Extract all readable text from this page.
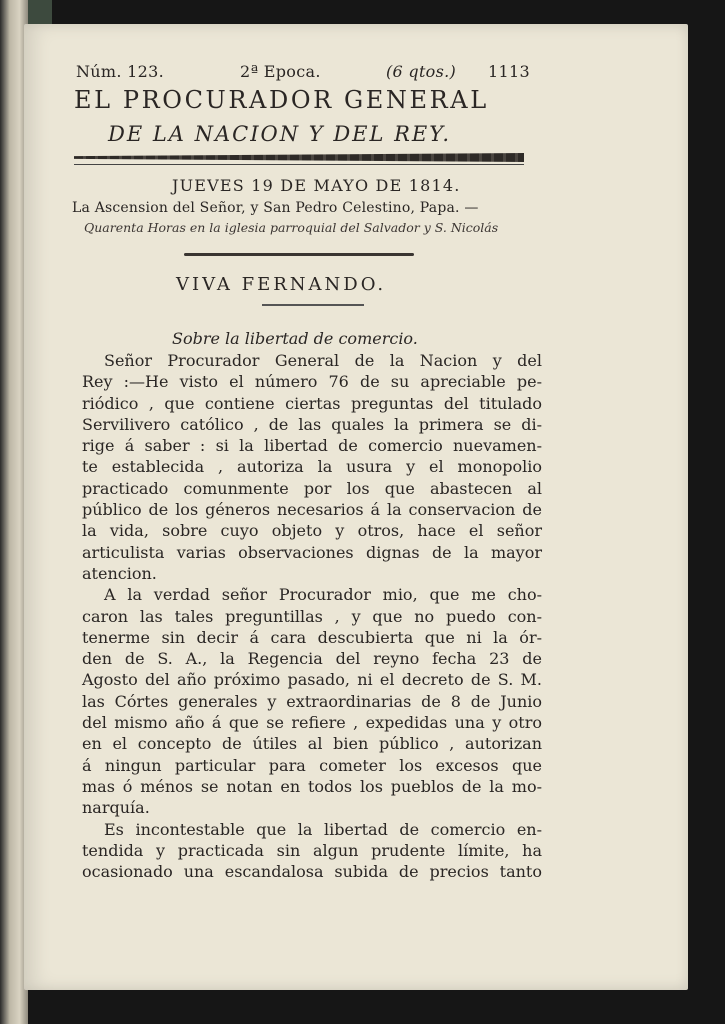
Núm. 123.	2ª Epoca.	(6 qtos.) 1113
EL PROCURADOR GENERAL
DE LA NACION Y DEL REY.
JUEVES 19 DE MAYO DE 1814.
La Ascension del Señor, y San Pedro Celestino, Papa. —
Quarenta Horas en la iglesia parroquial del Salvador y S. Nicolás
VIVA FERNANDO.
Sobre la libertad de comercio.
Señor Procurador General de la Nacion y del
Rey :—He visto el número 76 de su apreciable pe-
riódico , que contiene ciertas preguntas del titulado
Servilivero católico , de las quales la primera se di-
rige á saber : si la libertad de comercio nuevamen-
te establecida , autoriza la usura y el monopolio
practicado comunmente por los que abastecen al
público de los géneros necesarios á la conservacion de
la vida, sobre cuyo objeto y otros, hace el señor
articulista varias observaciones dignas de la mayor
atencion.
A la verdad señor Procurador mio, que me cho-
caron las tales preguntillas , y que no puedo con-
tenerme sin decir á cara descubierta que ni la ór-
den de S. A., la Regencia del reyno fecha 23 de
Agosto del año próximo pasado, ni el decreto de S. M.
las Córtes generales y extraordinarias de 8 de Junio
del mismo año á que se refiere , expedidas una y otro
en el concepto de útiles al bien público , autorizan
á ningun particular para cometer los excesos que
mas ó ménos se notan en todos los pueblos de la mo-
narquía.
Es incontestable que la libertad de comercio en-
tendida y practicada sin algun prudente límite, ha
ocasionado una escandalosa subida de precios tanto
